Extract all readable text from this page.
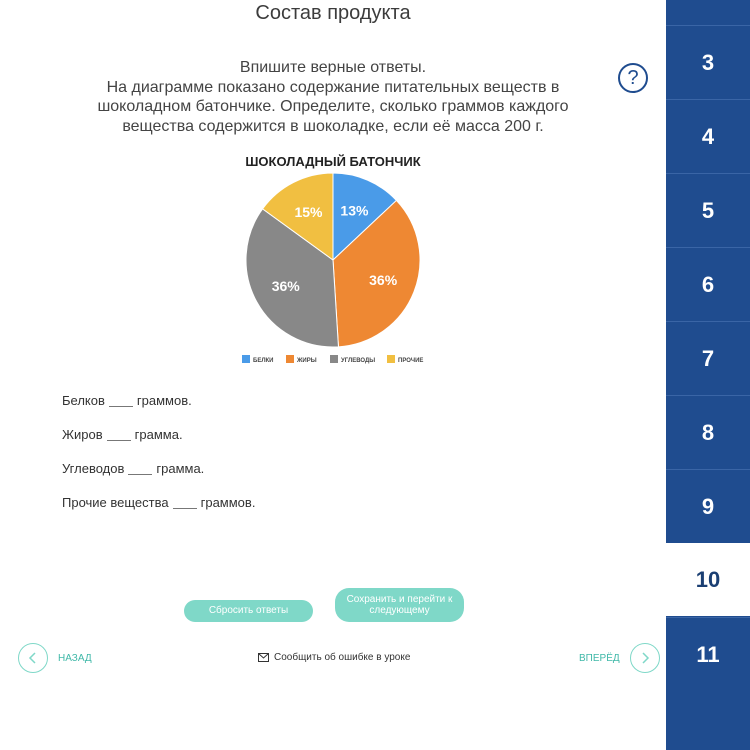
Состав продукта
Впишите верные ответы.
На диаграмме показано содержание питательных веществ в
шоколадном батончике. Определите, сколько граммов каждого
вещества содержится в шоколадке, если её масса 200 г.
?
ШОКОЛАДНЫЙ БАТОНЧИК
13%
36%
36%
15%
БЕЛКИ	ЖИРЫ	УГЛЕВОДЫ	ПРОЧИЕ
Белков граммов.
Жиров грамма.
Углеводов грамма.
Прочие вещества граммов.
Сбросить ответы
Сохранить и перейти к
следующему
НАЗАД	Сообщить об ошибке в уроке	ВПЕРЁД
3
4
5
6
7
8
9
10
11
